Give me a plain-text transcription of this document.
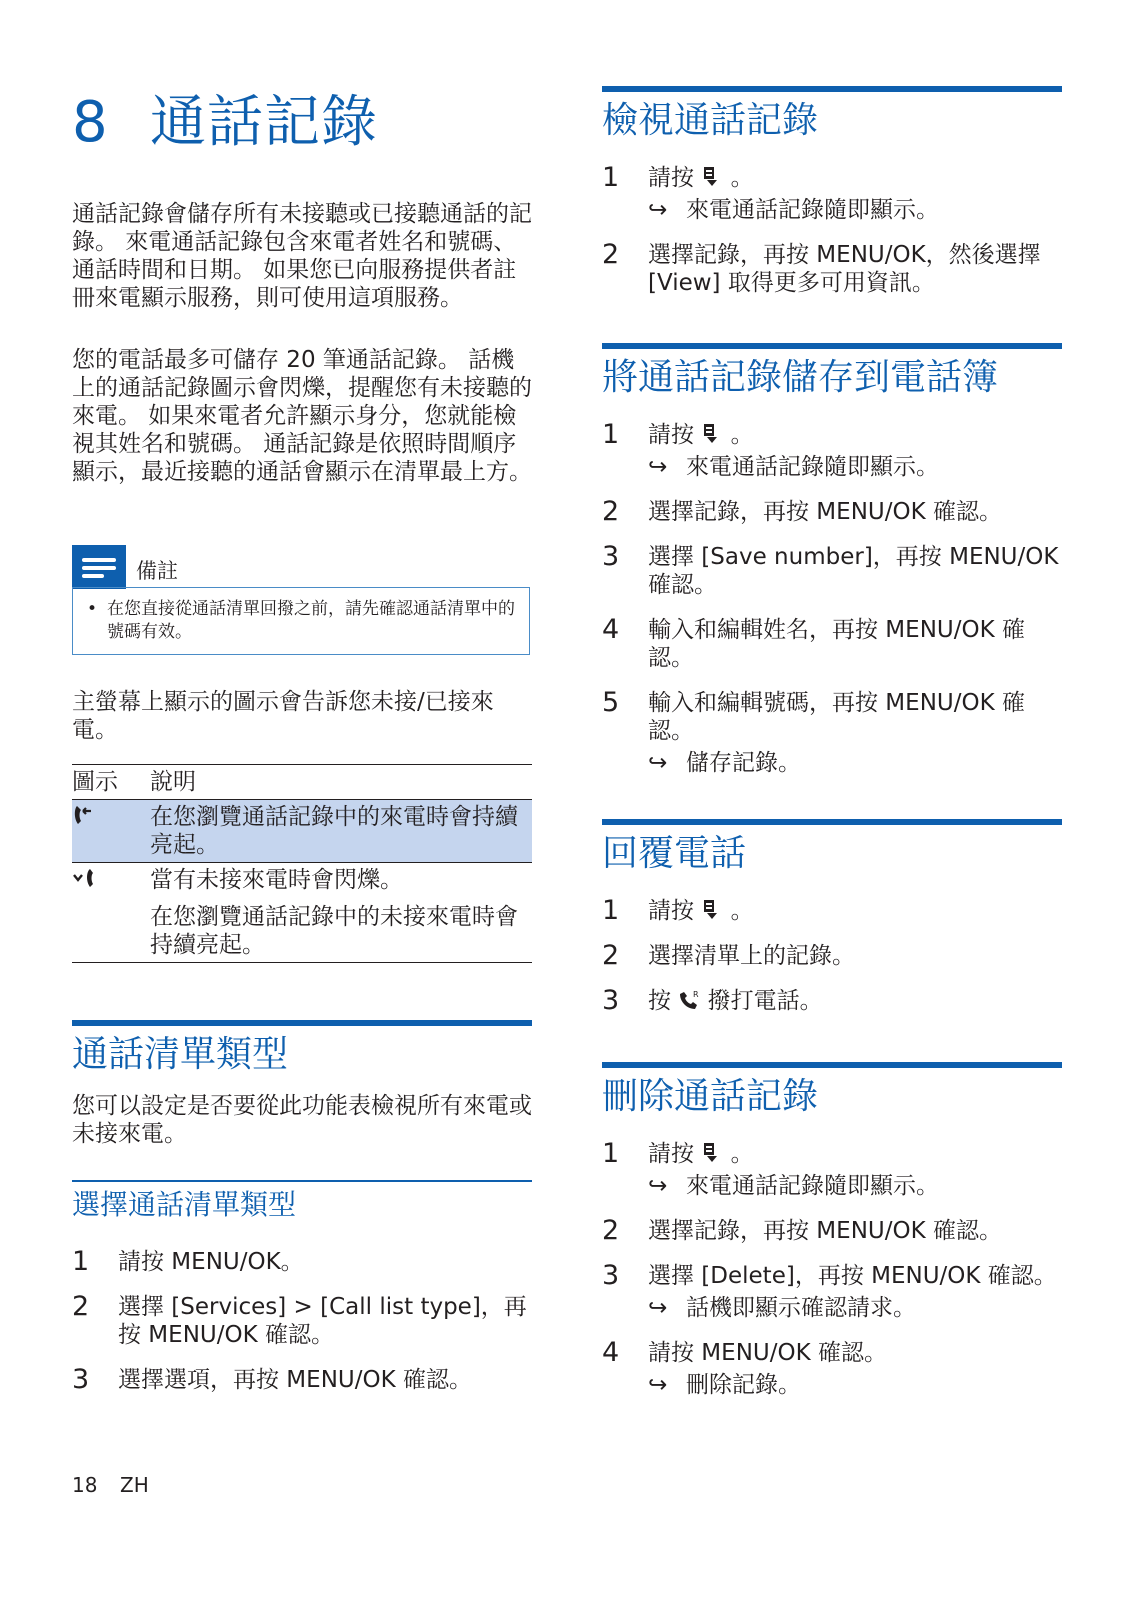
8 通話記錄
通話記錄會儲存所有未接聽或已接聽通話的記錄。 來電通話記錄包含來電者姓名和號碼、通話時間和日期。 如果您已向服務提供者註冊來電顯示服務，則可使用這項服務。
您的電話最多可儲存 20 筆通話記錄。 話機上的通話記錄圖示會閃爍，提醒您有未接聽的來電。 如果來電者允許顯示身分，您就能檢視其姓名和號碼。 通話記錄是依照時間順序顯示，最近接聽的通話會顯示在清單最上方。
備註
• 在您直接從通話清單回撥之前，請先確認通話清單中的號碼有效。
主螢幕上顯示的圖示會告訴您未接/已接來電。
圖示	說明
	在您瀏覽通話記錄中的來電時會持續亮起。
	當有未接來電時會閃爍。
	在您瀏覽通話記錄中的未接來電時會持續亮起。
通話清單類型
您可以設定是否要從此功能表檢視所有來電或未接來電。
選擇通話清單類型
1 請按 MENU/OK。
2 選擇 [Services] > [Call list type]，再按 MENU/OK 確認。
3 選擇選項，再按 MENU/OK 確認。
檢視通話記錄
1 請按 。
↪ 來電通話記錄隨即顯示。
2 選擇記錄，再按 MENU/OK，然後選擇 [View] 取得更多可用資訊。
將通話記錄儲存到電話簿
1 請按 。
↪ 來電通話記錄隨即顯示。
2 選擇記錄，再按 MENU/OK 確認。
3 選擇 [Save number]，再按 MENU/OK 確認。
4 輸入和編輯姓名，再按 MENU/OK 確認。
5 輸入和編輯號碼，再按 MENU/OK 確認。
↪ 儲存記錄。
回覆電話
1 請按 。
2 選擇清單上的記錄。
3 按	R 撥打電話。
刪除通話記錄
1 請按 。
↪ 來電通話記錄隨即顯示。
2 選擇記錄，再按 MENU/OK 確認。
3 選擇 [Delete]，再按 MENU/OK 確認。
↪ 話機即顯示確認請求。
4 請按 MENU/OK 確認。
↪ 刪除記錄。
18 ZH
